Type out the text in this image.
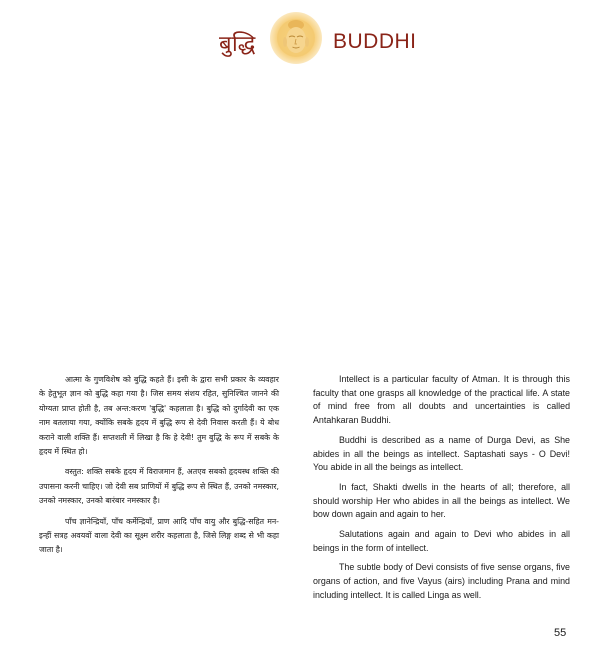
बुद्धि	BUDDHI

आत्मा के गुणविशेष को बुद्धि कहते हैं। इसी के द्वारा सभी प्रकार के व्यवहार के हेतुभूत ज्ञान को बुद्धि कहा गया है। जिस समय संशय रहित, सुनिश्चित जानने की योग्यता प्राप्त होती है, तब अन्त:करण 'बुद्धि' कहलाता है। बुद्धि को दुर्गादेवी का एक नाम बतलाया गया, क्योंकि सबके हृदय में बुद्धि रूप से देवी निवास करती हैं। ये बोध कराने वाली शक्ति हैं। सप्तशती में लिखा है कि हे देवी! तुम बुद्धि के रूप में सबके के हृदय में स्थित हो।

वस्तुत: शक्ति सबके हृदय में विराजमान हैं, अतएव सबको हृदयस्थ शक्ति की उपासना करनी चाहिए। जो देवी सब प्राणियों में बुद्धि रूप से स्थित हैं, उनको नमस्कार, उनको नमस्कार, उनको बारंबार नमस्कार है।

पाँच ज्ञानेन्द्रियाँ, पाँच कर्मेन्द्रियाँ, प्राण आदि पाँच वायु और बुद्धि-सहित मन-इन्हीं सत्रह अवयवों वाला देवी का सूक्ष्म शरीर कहलाता है, जिसे लिङ्ग शब्द से भी कहा जाता है।

Intellect is a particular faculty of Atman. It is through this faculty that one grasps all knowledge of the practical life. A state of mind free from all doubts and uncertainties is called Antahkaran Buddhi.

Buddhi is described as a name of Durga Devi, as She abides in all the beings as intellect. Saptashati says - O Devi! You abide in all the beings as intellect.

In fact, Shakti dwells in the hearts of all; therefore, all should worship Her who abides in all the beings as intellect. We bow down again and again to her.

Salutations again and again to Devi who abides in all beings in the form of intellect.

The subtle body of Devi consists of five sense organs, five organs of action, and five Vayus (airs) including Prana and mind including intellect. It is called Linga as well.

55
